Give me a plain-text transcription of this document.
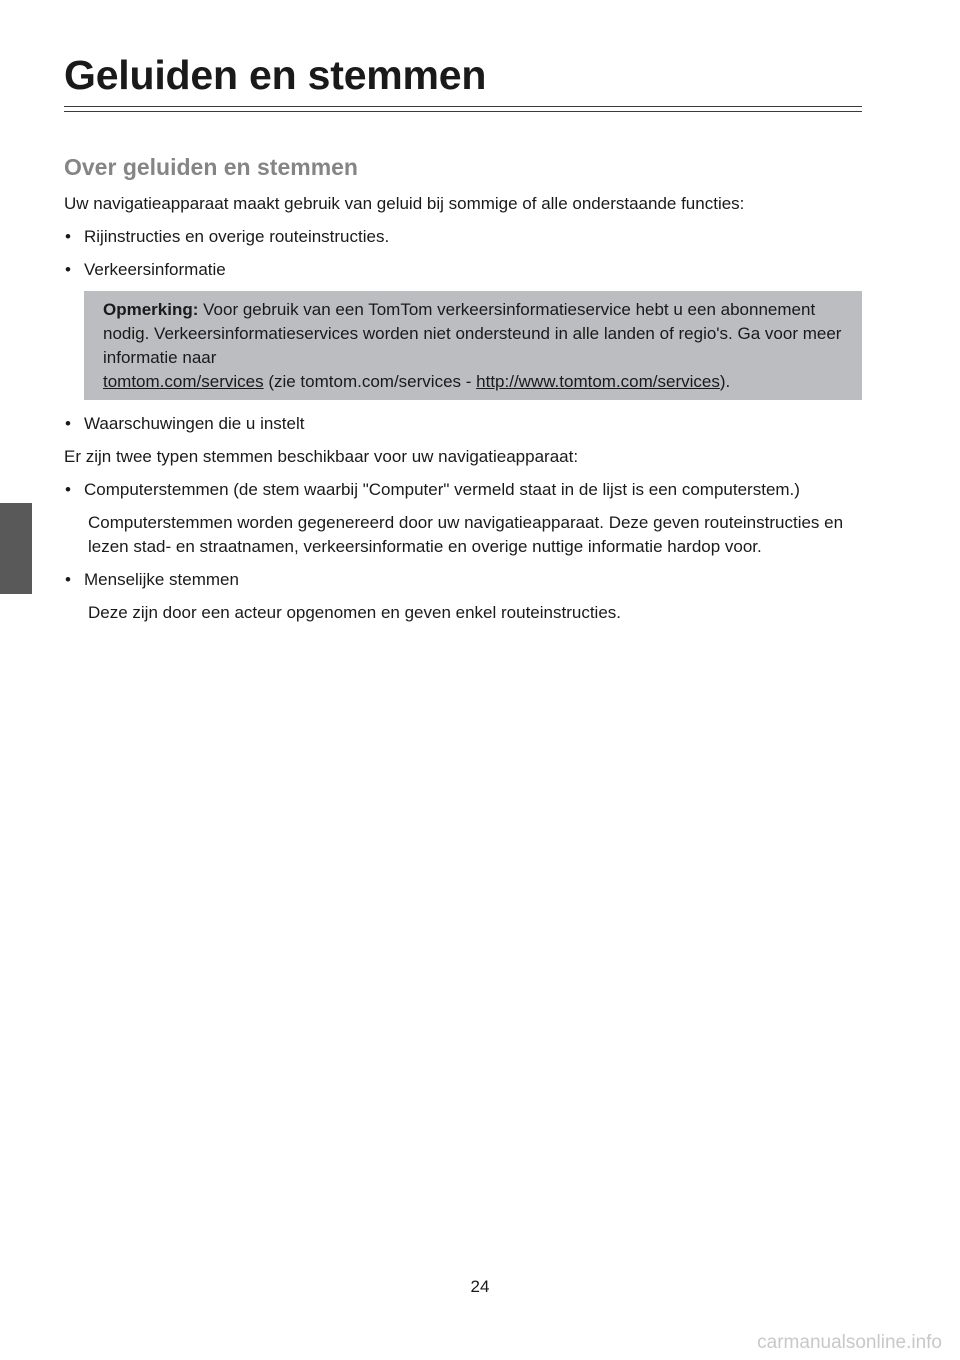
Geluiden en stemmen
Over geluiden en stemmen

Uw navigatieapparaat maakt gebruik van geluid bij sommige of alle onderstaande functies:

• Rijinstructies en overige routeinstructies.
• Verkeersinformatie
Opmerking: Voor gebruik van een TomTom verkeersinformatieservice hebt u een abonnement nodig. Verkeersinformatieservices worden niet ondersteund in alle landen of regio's. Ga voor meer informatie naar
tomtom.com/services (zie tomtom.com/services - http://www.tomtom.com/services).
• Waarschuwingen die u instelt

Er zijn twee typen stemmen beschikbaar voor uw navigatieapparaat:

• Computerstemmen (de stem waarbij "Computer" vermeld staat in de lijst is een computerstem.)

Computerstemmen worden gegenereerd door uw navigatieapparaat. Deze geven routeinstructies en lezen stad- en straatnamen, verkeersinformatie en overige nuttige informatie hardop voor.

• Menselijke stemmen

Deze zijn door een acteur opgenomen en geven enkel routeinstructies.

24
carmanualsonline.info
